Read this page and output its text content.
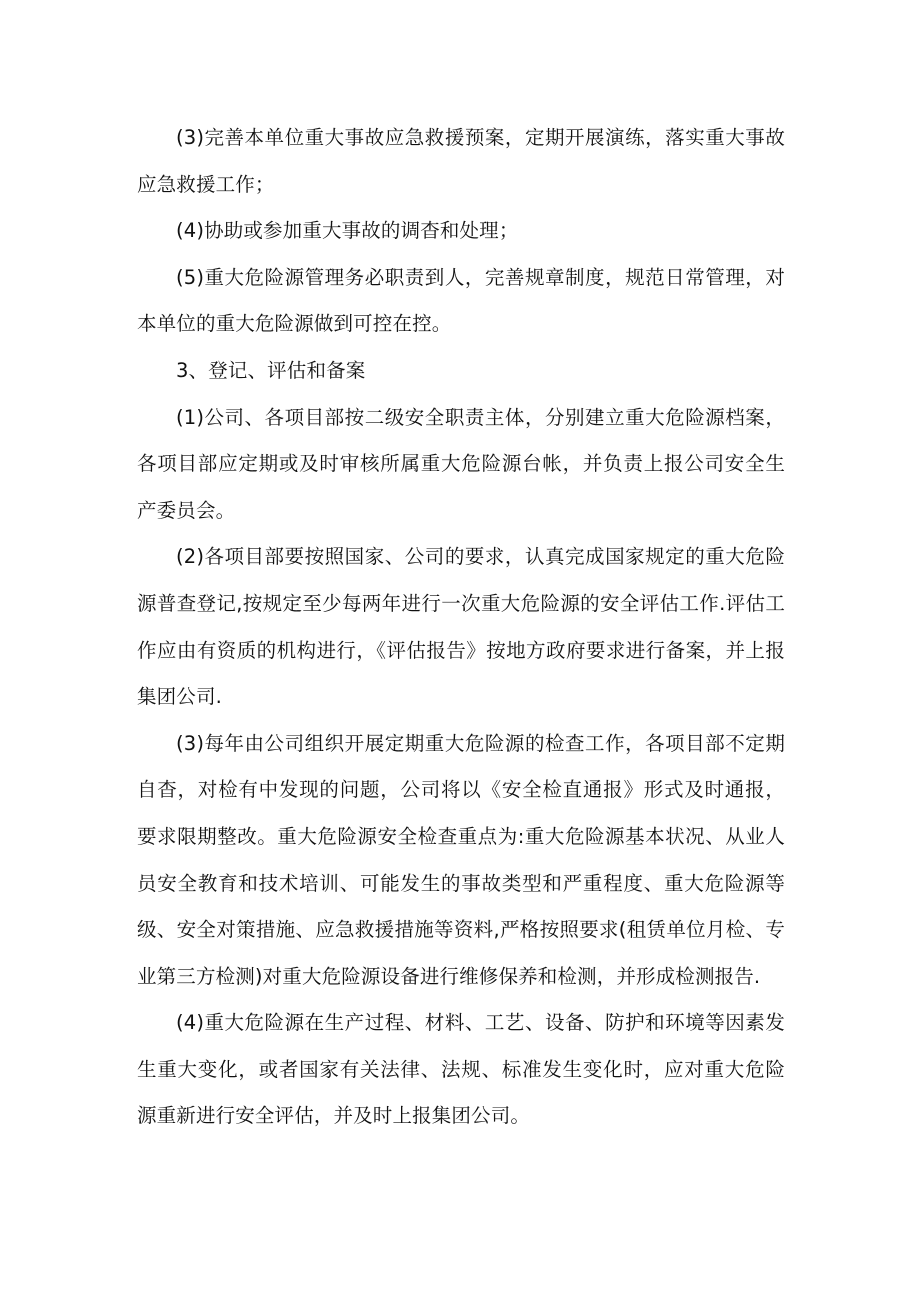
(3)完善本单位重大事故应急救援预案，定期开展演练，落实重大事故应急救援工作；

(4)协助或参加重大事故的调杳和处理；

(5)重大危险源管理务必职责到人，完善规章制度，规范日常管理，对本单位的重大危险源做到可控在控。

3、登记、评估和备案

(1)公司、各项目部按二级安全职责主体，分别建立重大危险源档案，各项目部应定期或及时审核所属重大危险源台帐，并负责上报公司安全生产委员会。

(2)各项目部要按照国家、公司的要求，认真完成国家规定的重大危险源普查登记,按规定至少每两年进行一次重大危险源的安全评估工作.评估工作应由有资质的机构进行，《评估报告》按地方政府要求进行备案，并上报集团公司.

(3)每年由公司组织开展定期重大危险源的检查工作，各项目部不定期自杳，对检有中发现的问题，公司将以《安全检直通报》形式及时通报，要求限期整改。重大危险源安全检查重点为:重大危险源基本状况、从业人员安全教育和技术培训、可能发生的事故类型和严重程度、重大危险源等级、安全对策措施、应急救援措施等资料,严格按照要求(租赁单位月检、专业第三方检测)对重大危险源设备进行维修保养和检测，并形成检测报告.

(4)重大危险源在生产过程、材料、工艺、设备、防护和环境等因素发生重大变化，或者国家有关法律、法规、标准发生变化时，应对重大危险源重新进行安全评估，并及时上报集团公司。
